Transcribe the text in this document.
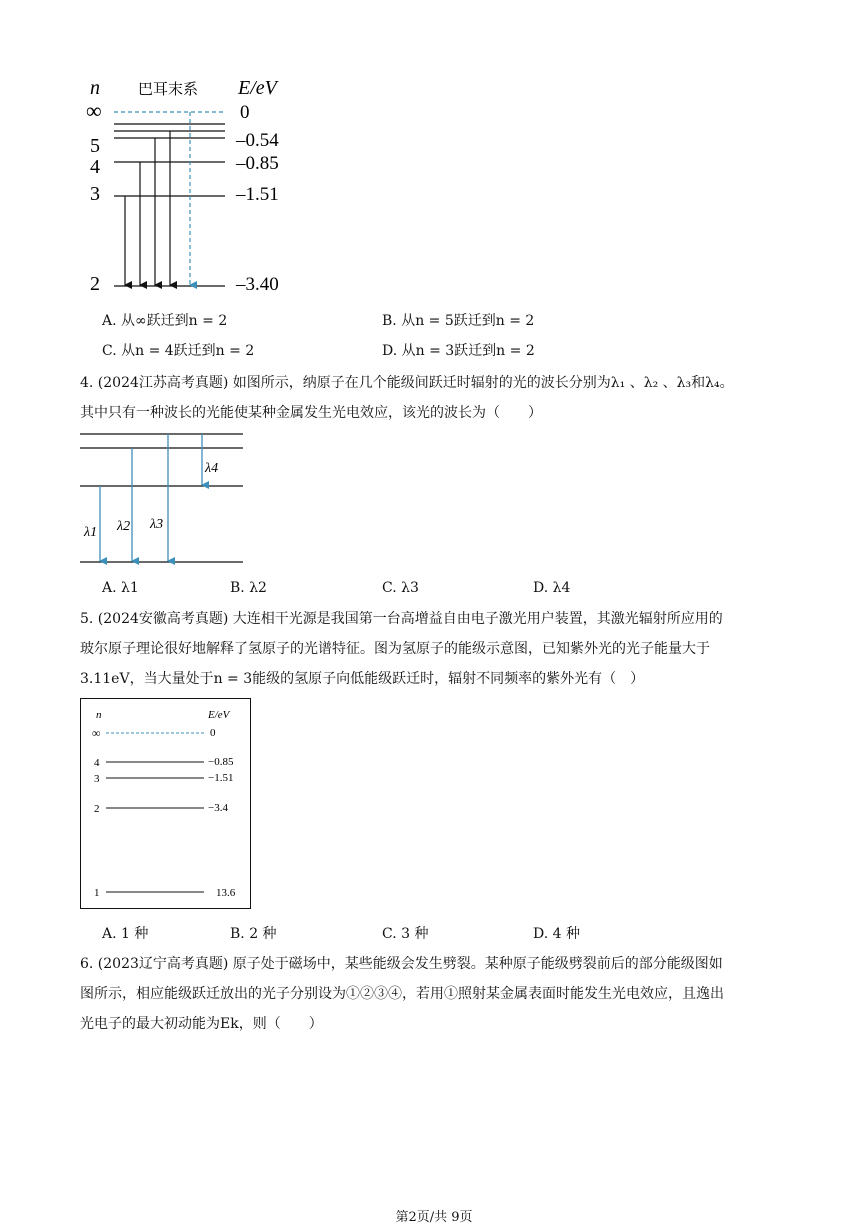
n	巴耳末系 E/eV
∞	0
5	–0.54
4	–0.85
3	–1.51
2	–3.40
A. 从∞跃迁到n = 2	B. 从n = 5跃迁到n = 2
C. 从n = 4跃迁到n = 2	D. 从n = 3跃迁到n = 2
4. (2024江苏高考真题) 如图所示，纳原子在几个能级间跃迁时辐射的光的波长分别为λ₁ 、λ₂ 、λ₃和λ₄。
其中只有一种波长的光能使某种金属发生光电效应，该光的波长为（　　）
λ1 λ2 λ3
λ4
A. λ1	B. λ2	C. λ3	D. λ4
5. (2024安徽高考真题) 大连相干光源是我国第一台高增益自由电子激光用户装置，其激光辐射所应用的
玻尔原子理论很好地解释了氢原子的光谱特征。图为氢原子的能级示意图，已知紫外光的光子能量大于
3.11eV，当大量处于n = 3能级的氢原子向低能级跃迁时，辐射不同频率的紫外光有（　）
n	E/eV
∞	0
4	−0.85
3	−1.51
2	−3.4
1	13.6
A. 1 种	B. 2 种	C. 3 种	D. 4 种
6. (2023辽宁高考真题) 原子处于磁场中，某些能级会发生劈裂。某种原子能级劈裂前后的部分能级图如
图所示，相应能级跃迁放出的光子分别设为①②③④，若用①照射某金属表面时能发生光电效应，且逸出
光电子的最大初动能为Ek，则（　　）
第2页/共 9页
